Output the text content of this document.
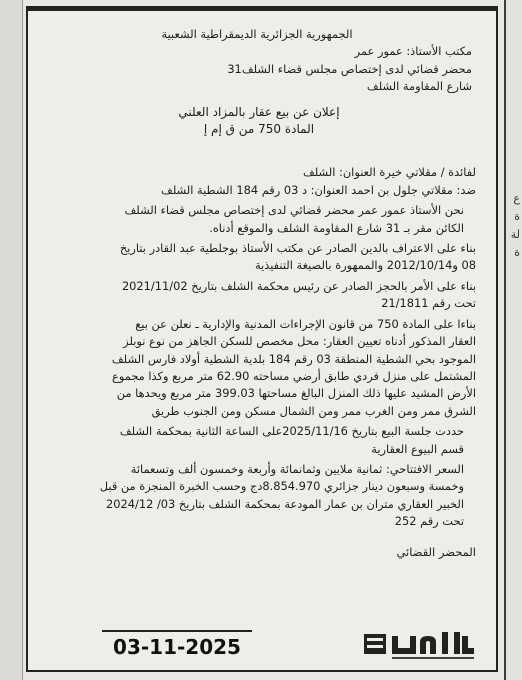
ع
ة
لة
ة

الجمهورية الجزائرية الديمقراطية الشعبية

مكتب الأستاذ: عمور عمر

محضر قضائي لدى إختصاص مجلس قضاء الشلف31

شارع المقاومة الشلف

إعلان عن بيع عقار بالمزاد العلني

المادة 750 من ق إم إ

لفائدة / مقلاتي خيرة العنوان: الشلف

ضد: مقلاتي جلول بن احمد العنوان: د 03 رقم 184 الشطية الشلف

نحن الأستاذ عمور عمر محضر قضائي لدى إختصاص مجلس قضاء الشلف

الكائن مقر بـ 31 شارع المقاومة الشلف والموقع أدناه.

بناء على الاعتراف بالدين الصادر عن مكتب الأستاذ بوجلطية عبد القادر بتاريخ

08 و2012/10/14 والممهورة بالصيغة التنفيذية

بناء على الأمر بالحجز الصادر عن رئيس محكمة الشلف بتاريخ 2021/11/02

تحت رقم 21/1811

بناءا على المادة 750 من قانون الإجراءات المدنية والإدارية ـ نعلن عن بيع

العقار المذكور أدناه تعيين العقار: محل مخصص للسكن الجاهز من نوع نوبلز

الموجود بحي الشطية المنطقة 03 رقم 184 بلدية الشطية أولاد فارس الشلف

المشتمل على منزل فردي طابق أرضي مساحته 62.90 متر مربع وكذا مجموع

الأرض المشيد عليها ذلك المنزل البالغ مساحتها 399.03 متر مربع ويحدها من

الشرق ممر ومن الغرب ممر ومن الشمال مسكن ومن الجنوب طريق

حددت جلسة البيع بتاريخ 2025/11/16على الساعة الثانية بمحكمة الشلف

قسم البيوع العقارية

السعر الافتتاحي: ثمانية ملايين وثمانمائة وأربعة وخمسون ألف وتسعمائة

وخمسة وسبعون دينار جزائري 8.854.970دج وحسب الخبرة المنجزة من قبل

الخبير العقاري متران بن عمار المودعة بمحكمة الشلف بتاريخ 03/ 2024/12

تحت رقم 252

المحضر القضائي

03-11-2025
